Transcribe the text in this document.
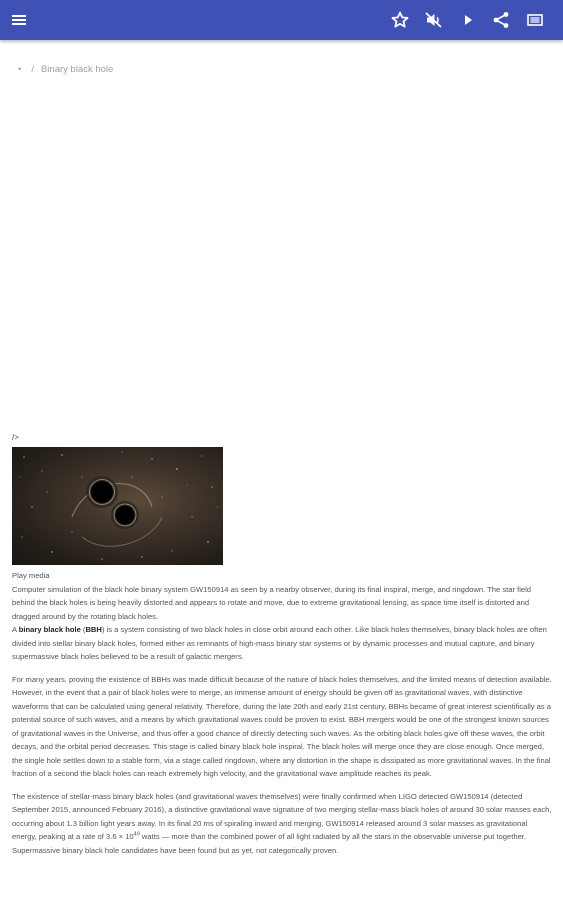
• / Binary black hole
/>

Play media

Computer simulation of the black hole binary system GW150914 as seen by a nearby observer, during its final inspiral, merge, and ringdown. The star field behind the black holes is being heavily distorted and appears to rotate and move, due to extreme gravitational lensing, as space time itself is distorted and dragged around by the rotating black holes.

A binary black hole (BBH) is a system consisting of two black holes in close orbit around each other. Like black holes themselves, binary black holes are often divided into stellar binary black holes, formed either as remnants of high-mass binary star systems or by dynamic processes and mutual capture, and binary supermassive black holes believed to be a result of galactic mergers.

For many years, proving the existence of BBHs was made difficult because of the nature of black holes themselves, and the limited means of detection available. However, in the event that a pair of black holes were to merge, an immense amount of energy should be given off as gravitational waves, with distinctive waveforms that can be calculated using general relativity. Therefore, during the late 20th and early 21st century, BBHs became of great interest scientifically as a potential source of such waves, and a means by which gravitational waves could be proven to exist. BBH mergers would be one of the strongest known sources of gravitational waves in the Universe, and thus offer a good chance of directly detecting such waves. As the orbiting black holes give off these waves, the orbit decays, and the orbital period decreases. This stage is called binary black hole inspiral. The black holes will merge once they are close enough. Once merged, the single hole settles down to a stable form, via a stage called ringdown, where any distortion in the shape is dissipated as more gravitational waves. In the final fraction of a second the black holes can reach extremely high velocity, and the gravitational wave amplitude reaches its peak.

The existence of stellar-mass binary black holes (and gravitational waves themselves) were finally confirmed when LIGO detected GW150914 (detected September 2015, announced February 2016), a distinctive gravitational wave signature of two merging stellar-mass black holes of around 30 solar masses each, occurring about 1.3 billion light years away. In its final 20 ms of spiraling inward and merging, GW150914 released around 3 solar masses as gravitational energy, peaking at a rate of $3.6 \times 10^{49}$ watts — more than the combined power of all light radiated by all the stars in the observable universe put together. Supermassive binary black hole candidates have been found but as yet, not categorically proven.
